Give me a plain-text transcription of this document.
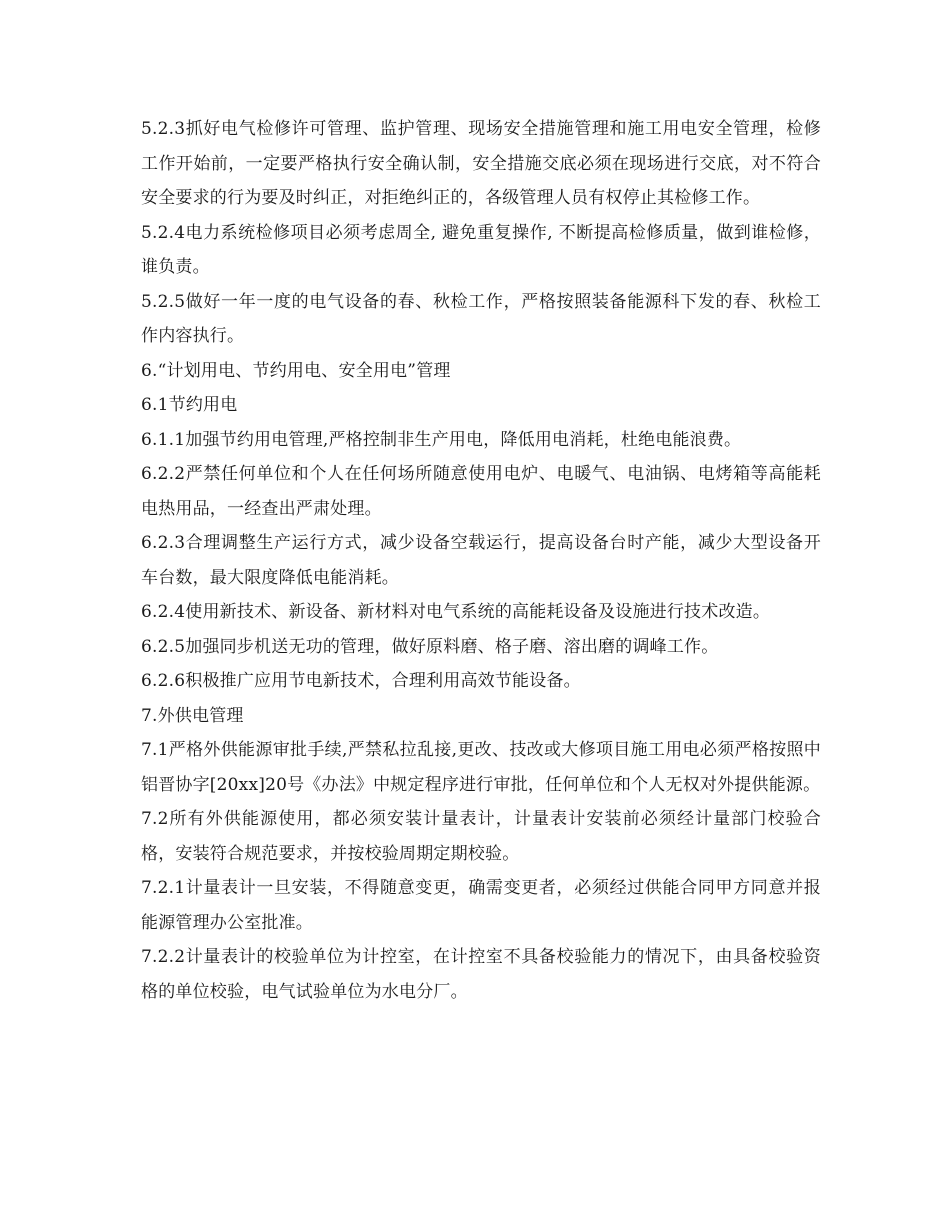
5.2.3抓好电气检修许可管理、监护管理、现场安全措施管理和施工用电安全管理，检修工作开始前，一定要严格执行安全确认制，安全措施交底必须在现场进行交底，对不符合安全要求的行为要及时纠正，对拒绝纠正的，各级管理人员有权停止其检修工作。

5.2.4电力系统检修项目必须考虑周全, 避免重复操作, 不断提高检修质量，做到谁检修，谁负责。

5.2.5做好一年一度的电气设备的春、秋检工作，严格按照装备能源科下发的春、秋检工作内容执行。

6.“计划用电、节约用电、安全用电”管理

6.1节约用电

6.1.1加强节约用电管理,严格控制非生产用电，降低用电消耗，杜绝电能浪费。

6.2.2严禁任何单位和个人在任何场所随意使用电炉、电暖气、电油锅、电烤箱等高能耗电热用品，一经查出严肃处理。

6.2.3合理调整生产运行方式，减少设备空载运行，提高设备台时产能，减少大型设备开车台数，最大限度降低电能消耗。

6.2.4使用新技术、新设备、新材料对电气系统的高能耗设备及设施进行技术改造。

6.2.5加强同步机送无功的管理，做好原料磨、格子磨、溶出磨的调峰工作。

6.2.6积极推广应用节电新技术，合理利用高效节能设备。

7.外供电管理

7.1严格外供能源审批手续,严禁私拉乱接,更改、技改或大修项目施工用电必须严格按照中铝晋协字[20xx]20号《办法》中规定程序进行审批，任何单位和个人无权对外提供能源。

7.2所有外供能源使用，都必须安装计量表计，计量表计安装前必须经计量部门校验合格，安装符合规范要求，并按校验周期定期校验。

7.2.1计量表计一旦安装，不得随意变更，确需变更者，必须经过供能合同甲方同意并报能源管理办公室批准。

7.2.2计量表计的校验单位为计控室，在计控室不具备校验能力的情况下，由具备校验资格的单位校验，电气试验单位为水电分厂。
